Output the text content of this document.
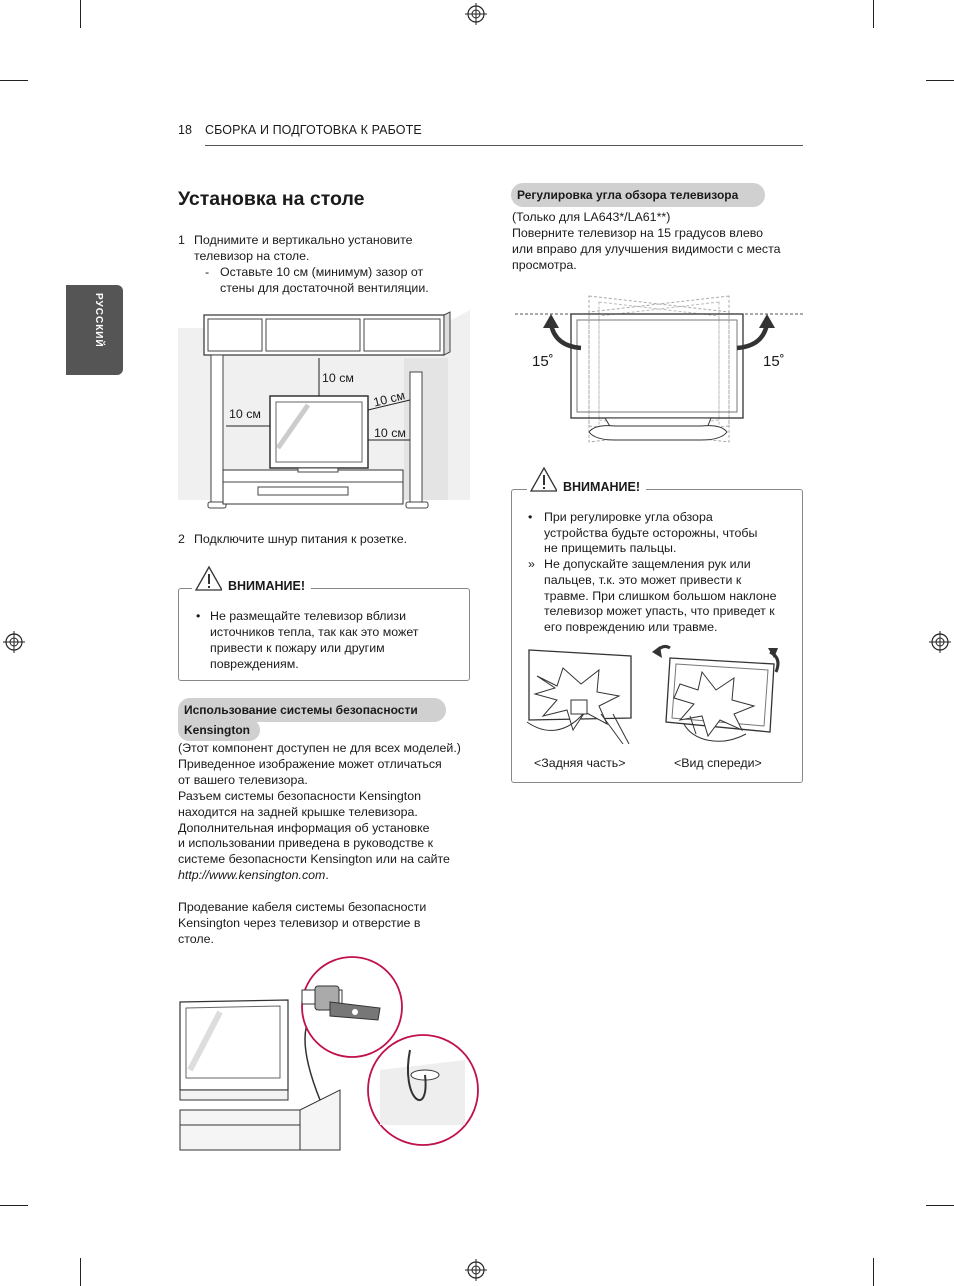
18 СБОРКА И ПОДГОТОВКА К РАБОТЕ
РУССКИЙ
Установка на столе
1 Поднимите и вертикально установите
телевизор на столе.
- Оставьте 10 см (минимум) зазор от
стены для достаточной вентиляции.
10 см
10 см
10 см
10 см
2 Подключите шнур питания к розетке.
ВНИМАНИЕ!
• Не размещайте телевизор вблизи
источников тепла, так как это может
привести к пожару или другим
повреждениям.
Использование системы безопасности
Kensington
(Этот компонент доступен не для всех моделей.)
Приведенное изображение может отличаться
от вашего телевизора.
Разъем системы безопасности Kensington
находится на задней крышке телевизора.
Дополнительная информация об установке
и использовании приведена в руководстве к
системе безопасности Kensington или на сайте
http://www.kensington.com.
Продевание кабеля системы безопасности
Kensington через телевизор и отверстие в
столе.
Регулировка угла обзора телевизора
(Только для LA643*/LA61**)
Поверните телевизор на 15 градусов влево
или вправо для улучшения видимости с места
просмотра.
15˚	15˚
ВНИМАНИЕ!
• При регулировке угла обзора
устройства будьте осторожны, чтобы
не прищемить пальцы.
» Не допускайте защемления рук или
пальцев, т.к. это может привести к
травме. При слишком большом наклоне
телевизор может упасть, что приведет к
его повреждению или травме.
<Задняя часть>	<Вид спереди>
